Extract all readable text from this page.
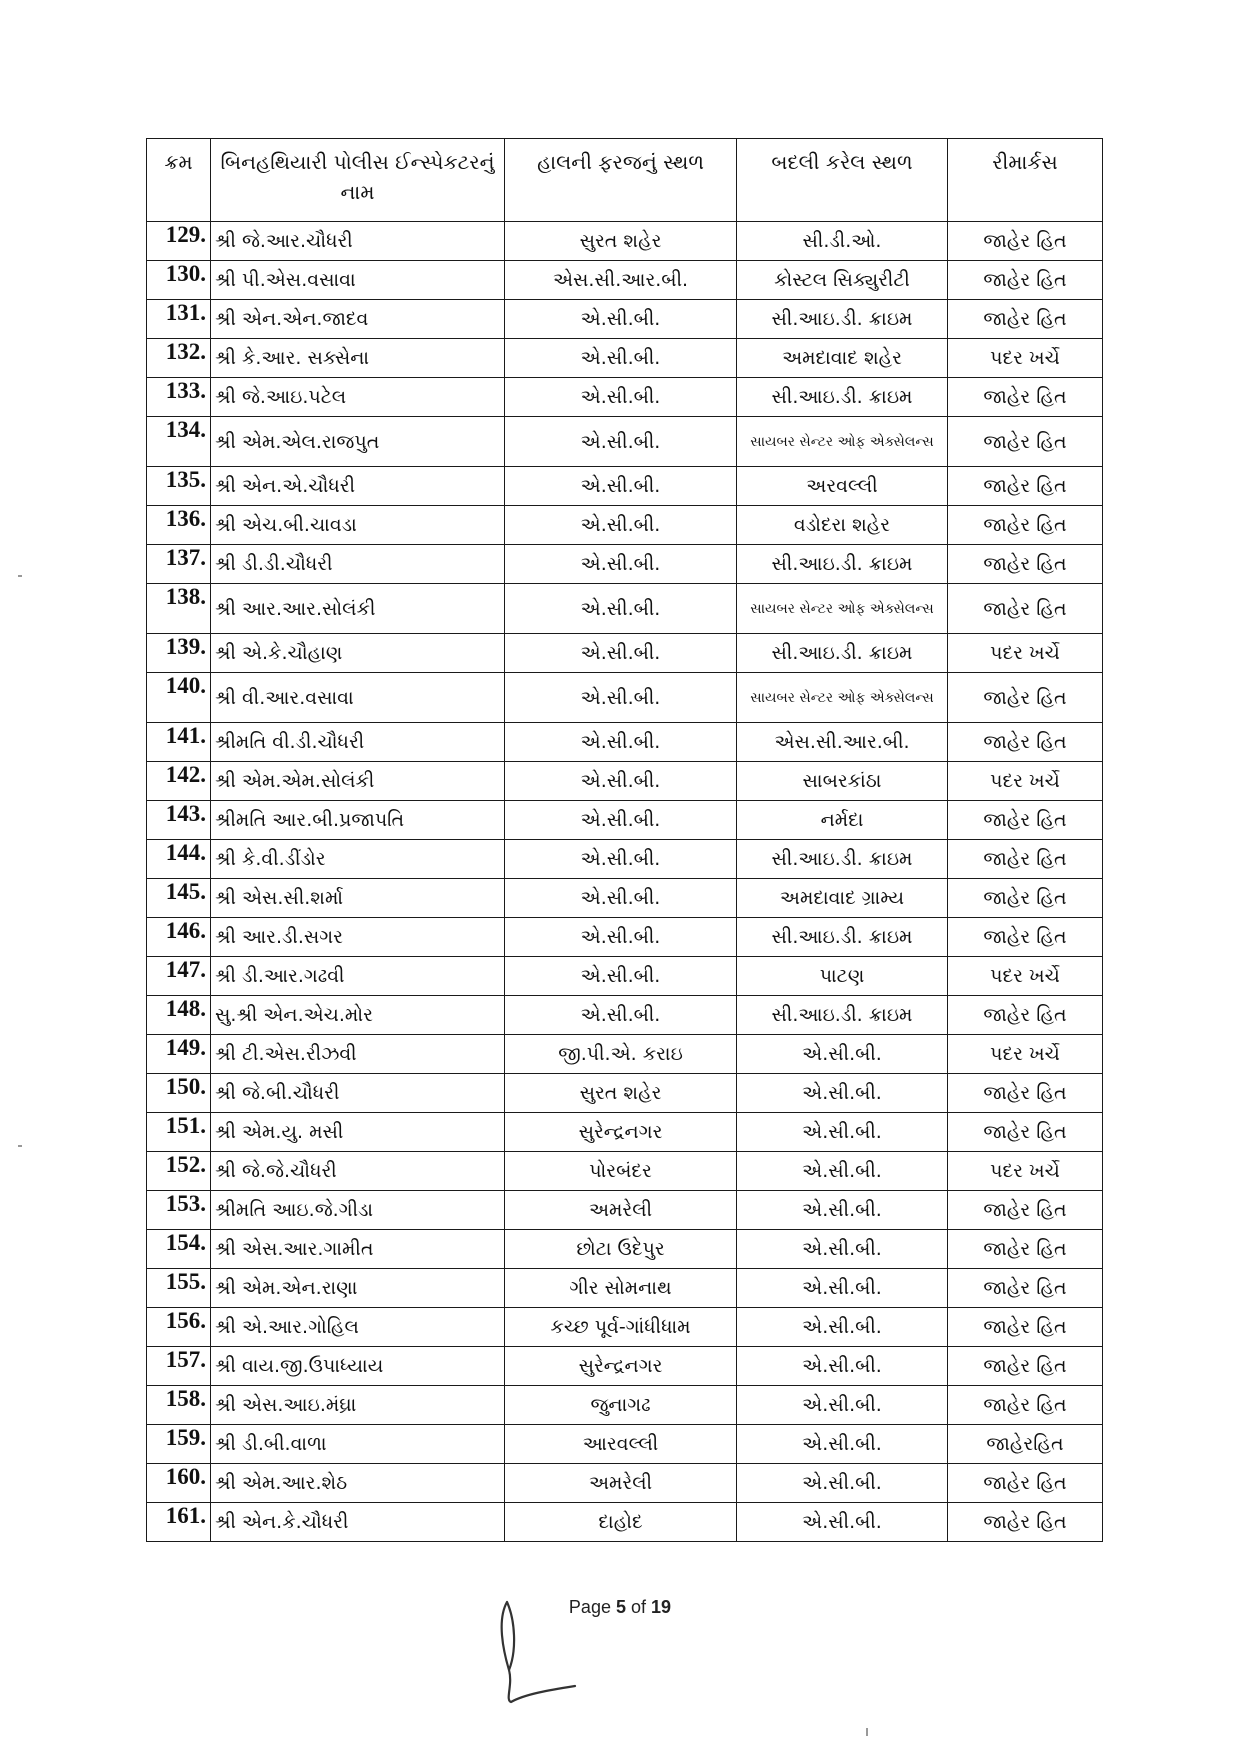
ક્રમ	બિનહથિયારી પોલીસ ઈન્સ્પેકટરનું નામ	હાલની ફરજનું સ્થળ	બદલી કરેલ સ્થળ	રીમાર્કસ
129.	શ્રી જે.આર.ચૌધરી	સુરત શહેર	સી.ડી.ઓ.	જાહેર હિત
130.	શ્રી પી.એસ.વસાવા	એસ.સી.આર.બી.	કોસ્ટલ સિક્યુરીટી	જાહેર હિત
131.	શ્રી એન.એન.જાદવ	એ.સી.બી.	સી.આઇ.ડી. ક્રાઇમ	જાહેર હિત
132.	શ્રી કે.આર. સક્સેના	એ.સી.બી.	અમદાવાદ શહેર	પદર ખર્ચે
133.	શ્રી જે.આઇ.પટેલ	એ.સી.બી.	સી.આઇ.ડી. ક્રાઇમ	જાહેર હિત
134.	શ્રી એમ.એલ.રાજપુત	એ.સી.બી.	સાયબર સેન્ટર ઓફ એક્સેલન્સ	જાહેર હિત
135.	શ્રી એન.એ.ચૌધરી	એ.સી.બી.	અરવલ્લી	જાહેર હિત
136.	શ્રી એચ.બી.ચાવડા	એ.સી.બી.	વડોદરા શહેર	જાહેર હિત
137.	શ્રી ડી.ડી.ચૌધરી	એ.સી.બી.	સી.આઇ.ડી. ક્રાઇમ	જાહેર હિત
138.	શ્રી આર.આર.સોલંકી	એ.સી.બી.	સાયબર સેન્ટર ઓફ એક્સેલન્સ	જાહેર હિત
139.	શ્રી એ.કે.ચૌહાણ	એ.સી.બી.	સી.આઇ.ડી. ક્રાઇમ	પદર ખર્ચે
140.	શ્રી વી.આર.વસાવા	એ.સી.બી.	સાયબર સેન્ટર ઓફ એક્સેલન્સ	જાહેર હિત
141.	શ્રીમતિ વી.ડી.ચૌધરી	એ.સી.બી.	એસ.સી.આર.બી.	જાહેર હિત
142.	શ્રી એમ.એમ.સોલંકી	એ.સી.બી.	સાબરકાંઠા	પદર ખર્ચે
143.	શ્રીમતિ આર.બી.પ્રજાપતિ	એ.સી.બી.	નર્મદા	જાહેર હિત
144.	શ્રી કે.વી.ડીંડોર	એ.સી.બી.	સી.આઇ.ડી. ક્રાઇમ	જાહેર હિત
145.	શ્રી એસ.સી.શર્મા	એ.સી.બી.	અમદાવાદ ગ્રામ્ય	જાહેર હિત
146.	શ્રી આર.ડી.સગર	એ.સી.બી.	સી.આઇ.ડી. ક્રાઇમ	જાહેર હિત
147.	શ્રી ડી.આર.ગઢવી	એ.સી.બી.	પાટણ	પદર ખર્ચે
148.	સુ.શ્રી એન.એચ.મોર	એ.સી.બી.	સી.આઇ.ડી. ક્રાઇમ	જાહેર હિત
149.	શ્રી ટી.એસ.રીઝવી	જી.પી.એ. કરાઇ	એ.સી.બી.	પદર ખર્ચે
150.	શ્રી જે.બી.ચૌધરી	સુરત શહેર	એ.સી.બી.	જાહેર હિત
151.	શ્રી એમ.યુ. મસી	સુરેન્દ્રનગર	એ.સી.બી.	જાહેર હિત
152.	શ્રી જે.જે.ચૌધરી	પોરબંદર	એ.સી.બી.	પદર ખર્ચે
153.	શ્રીમતિ આઇ.જે.ગીડા	અમરેલી	એ.સી.બી.	જાહેર હિત
154.	શ્રી એસ.આર.ગામીત	છોટા ઉદેપુર	એ.સી.બી.	જાહેર હિત
155.	શ્રી એમ.એન.રાણા	ગીર સોમનાથ	એ.સી.બી.	જાહેર હિત
156.	શ્રી એ.આર.ગોહિલ	કચ્છ પૂર્વ-ગાંધીધામ	એ.સી.બી.	જાહેર હિત
157.	શ્રી વાય.જી.ઉપાધ્યાય	સુરેન્દ્રનગર	એ.સી.બી.	જાહેર હિત
158.	શ્રી એસ.આઇ.મંઘ્રા	જુનાગઢ	એ.સી.બી.	જાહેર હિત
159.	શ્રી ડી.બી.વાળા	આરવલ્લી	એ.સી.બી.	જાહેરહિત
160.	શ્રી એમ.આર.શેઠ	અમરેલી	એ.સી.બી.	જાહેર હિત
161.	શ્રી એન.કે.ચૌધરી	દાહોદ	એ.સી.બી.	જાહેર હિત
Page 5 of 19
